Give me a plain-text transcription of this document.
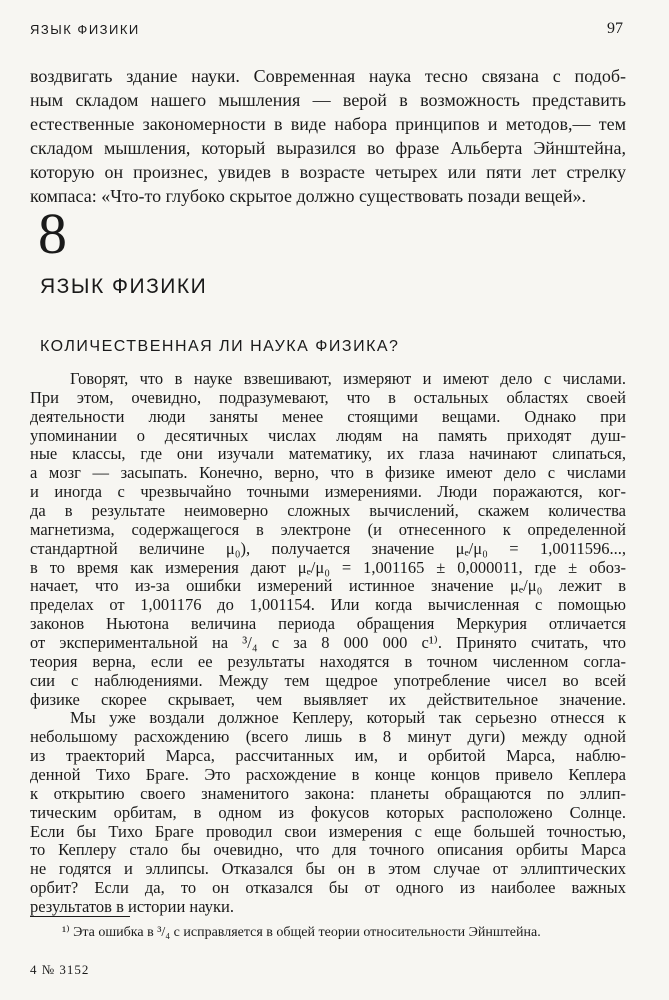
ЯЗЫК ФИЗИКИ	97
воздвигать здание науки. Современная наука тесно связана с подоб-
ным складом нашего мышления — верой в возможность представить
естественные закономерности в виде набора принципов и методов,— тем
складом мышления, который выразился во фразе Альберта Эйнштейна,
которую он произнес, увидев в возрасте четырех или пяти лет стрелку
компаса: «Что-то глубоко скрытое должно существовать позади вещей».
8
ЯЗЫК ФИЗИКИ
КОЛИЧЕСТВЕННАЯ ЛИ НАУКА ФИЗИКА?
Говорят, что в науке взвешивают, измеряют и имеют дело с числами.
При этом, очевидно, подразумевают, что в остальных областях своей
деятельности люди заняты менее стоящими вещами. Однако при
упоминании о десятичных числах людям на память приходят душ-
ные классы, где они изучали математику, их глаза начинают слипаться,
а мозг — засыпать. Конечно, верно, что в физике имеют дело с числами
и иногда с чрезвычайно точными измерениями. Люди поражаются, ког-
да в результате неимоверно сложных вычислений, скажем количества
магнетизма, содержащегося в электроне (и отнесенного к определенной
стандартной величине μ₀), получается значение μₑ/μ₀ = 1,0011596...,
в то время как измерения дают μₑ/μ₀ = 1,001165 ± 0,000011, где ± обоз-
начает, что из-за ошибки измерений истинное значение μₑ/μ₀ лежит в
пределах от 1,001176 до 1,001154. Или когда вычисленная с помощью
законов Ньютона величина периода обращения Меркурия отличается
от экспериментальной на ³/₄ с за 8 000 000 с¹⁾. Принято считать, что
теория верна, если ее результаты находятся в точном численном согла-
сии с наблюдениями. Между тем щедрое употребление чисел во всей
физике скорее скрывает, чем выявляет их действительное значение.
Мы уже воздали должное Кеплеру, который так серьезно отнесся к
небольшому расхождению (всего лишь в 8 минут дуги) между одной
из траекторий Марса, рассчитанных им, и орбитой Марса, наблю-
денной Тихо Браге. Это расхождение в конце концов привело Кеплера
к открытию своего знаменитого закона: планеты обращаются по эллип-
тическим орбитам, в одном из фокусов которых расположено Солнце.
Если бы Тихо Браге проводил свои измерения с еще большей точностью,
то Кеплеру стало бы очевидно, что для точного описания орбиты Марса
не годятся и эллипсы. Отказался бы он в этом случае от эллиптических
орбит? Если да, то он отказался бы от одного из наиболее важных
результатов в истории науки.
¹⁾ Эта ошибка в ³/₄ с исправляется в общей теории относительности Эйнштейна.
4 № 3152
